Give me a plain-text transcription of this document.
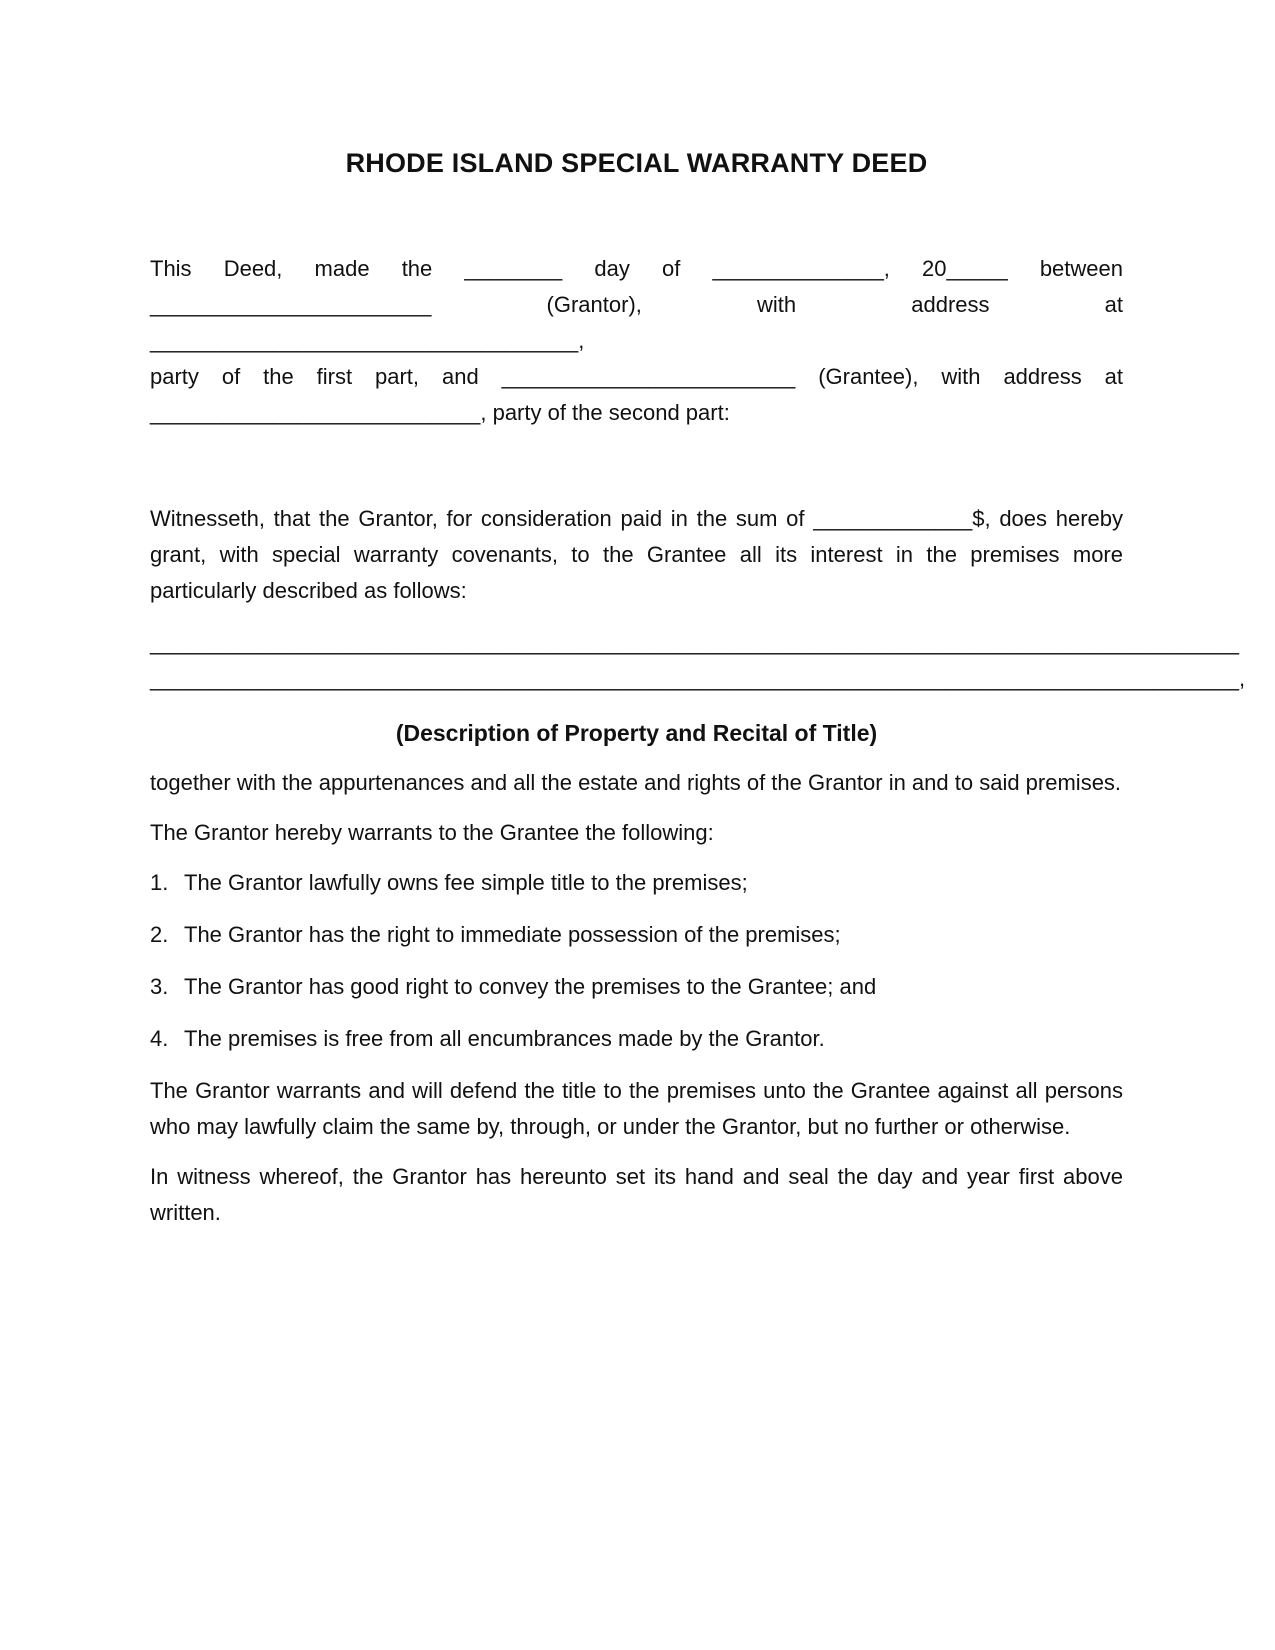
RHODE ISLAND SPECIAL WARRANTY DEED

This Deed, made the ________ day of ______________, 20_____ between

_______________________ (Grantor), with address at ___________________________________,

party of the first part, and ________________________ (Grantee), with address at

___________________________, party of the second part:

Witnesseth, that the Grantor, for consideration paid in the sum of _____________$, does hereby grant, with special warranty covenants, to the Grantee all its interest in the premises more particularly described as follows:

_________________________________________________________________________________________

_________________________________________________________________________________________,

(Description of Property and Recital of Title)

together with the appurtenances and all the estate and rights of the Grantor in and to said premises.

The Grantor hereby warrants to the Grantee the following:

1. The Grantor lawfully owns fee simple title to the premises;
2. The Grantor has the right to immediate possession of the premises;
3. The Grantor has good right to convey the premises to the Grantee; and
4. The premises is free from all encumbrances made by the Grantor.

The Grantor warrants and will defend the title to the premises unto the Grantee against all persons who may lawfully claim the same by, through, or under the Grantor, but no further or otherwise.

In witness whereof, the Grantor has hereunto set its hand and seal the day and year first above written.
